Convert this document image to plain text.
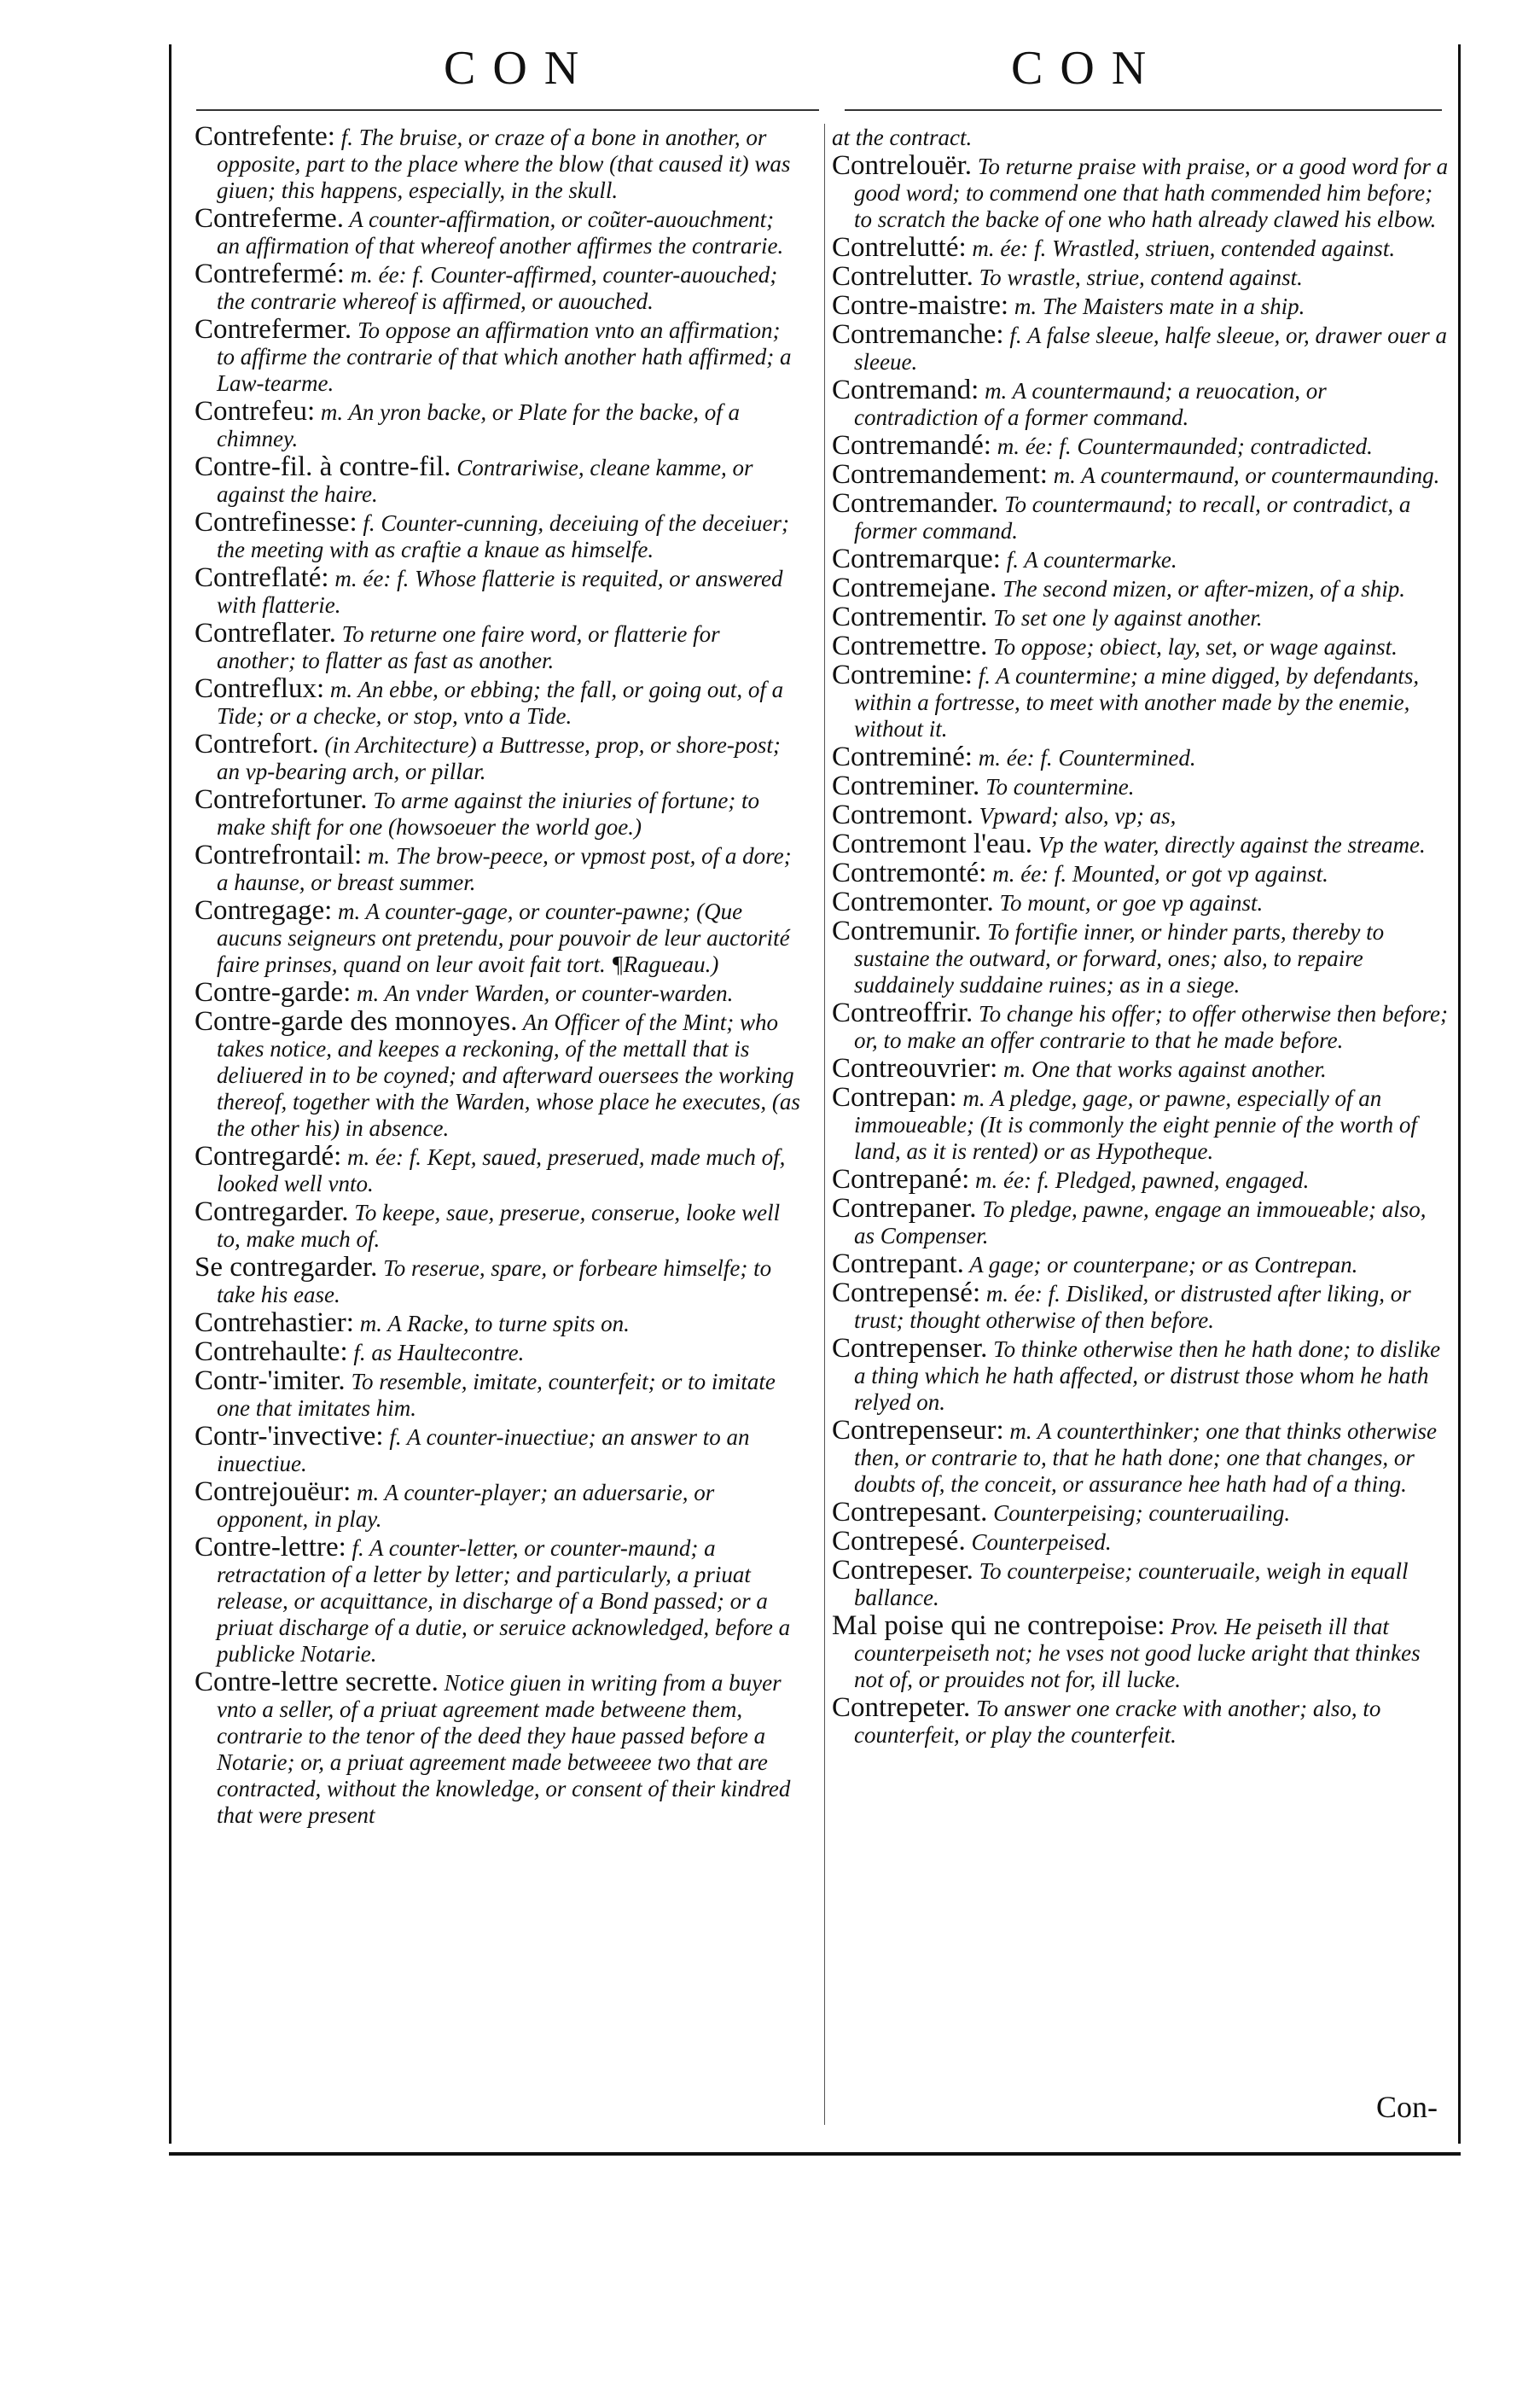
CON	CON
Contrefente: f. The bruise, or craze of a bone in another, or opposite, part to the place where the blow (that caused it) was giuen; this happens, especially, in the skull.
Contreferme. A counter-affirmation, or coũter-auouchment; an affirmation of that whereof another affirmes the contrarie.
Contrefermé: m. ée: f. Counter-affirmed, counter-auouched; the contrarie whereof is affirmed, or auouched.
Contrefermer. To oppose an affirmation vnto an affirmation; to affirme the contrarie of that which another hath affirmed; a Law-tearme.
Contrefeu: m. An yron backe, or Plate for the backe, of a chimney.
Contre-fil. à contre-fil. Contrariwise, cleane kamme, or against the haire.
Contrefinesse: f. Counter-cunning, deceiuing of the deceiuer; the meeting with as craftie a knaue as himselfe.
Contreflaté: m. ée: f. Whose flatterie is requited, or answered with flatterie.
Contreflater. To returne one faire word, or flatterie for another; to flatter as fast as another.
Contreflux: m. An ebbe, or ebbing; the fall, or going out, of a Tide; or a checke, or stop, vnto a Tide.
Contrefort. (in Architecture) a Buttresse, prop, or shore-post; an vp-bearing arch, or pillar.
Contrefortuner. To arme against the iniuries of fortune; to make shift for one (howsoeuer the world goe.)
Contrefrontail: m. The brow-peece, or vpmost post, of a dore; a haunse, or breast summer.
Contregage: m. A counter-gage, or counter-pawne; (Que aucuns seigneurs ont pretendu, pour pouvoir de leur auctorité faire prinses, quand on leur avoit fait tort. ¶Ragueau.)
Contre-garde: m. An vnder Warden, or counter-warden.
Contre-garde des monnoyes. An Officer of the Mint; who takes notice, and keepes a reckoning, of the mettall that is deliuered in to be coyned; and afterward ouersees the working thereof, together with the Warden, whose place he executes, (as the other his) in absence.
Contregardé: m. ée: f. Kept, saued, preserued, made much of, looked well vnto.
Contregarder. To keepe, saue, preserue, conserue, looke well to, make much of.
Se contregarder. To reserue, spare, or forbeare himselfe; to take his ease.
Contrehastier: m. A Racke, to turne spits on.
Contrehaulte: f. as Haultecontre.
Contr-'imiter. To resemble, imitate, counterfeit; or to imitate one that imitates him.
Contr-'invective: f. A counter-inuectiue; an answer to an inuectiue.
Contrejouëur: m. A counter-player; an aduersarie, or opponent, in play.
Contre-lettre: f. A counter-letter, or counter-maund; a retractation of a letter by letter; and particularly, a priuat release, or acquittance, in discharge of a Bond passed; or a priuat discharge of a dutie, or seruice acknowledged, before a publicke Notarie.
Contre-lettre secrette. Notice giuen in writing from a buyer vnto a seller, of a priuat agreement made betweene them, contrarie to the tenor of the deed they haue passed before a Notarie; or, a priuat agreement made betweeee two that are contracted, without the knowledge, or consent of their kindred that were present
at the contract.
Contrelouër. To returne praise with praise, or a good word for a good word; to commend one that hath commended him before; to scratch the backe of one who hath already clawed his elbow.
Contrelutté: m. ée: f. Wrastled, striuen, contended against.
Contrelutter. To wrastle, striue, contend against.
Contre-maistre: m. The Maisters mate in a ship.
Contremanche: f. A false sleeue, halfe sleeue, or, drawer ouer a sleeue.
Contremand: m. A countermaund; a reuocation, or contradiction of a former command.
Contremandé: m. ée: f. Countermaunded; contradicted.
Contremandement: m. A countermaund, or countermaunding.
Contremander. To countermaund; to recall, or contradict, a former command.
Contremarque: f. A countermarke.
Contremejane. The second mizen, or after-mizen, of a ship.
Contrementir. To set one ly against another.
Contremettre. To oppose; obiect, lay, set, or wage against.
Contremine: f. A countermine; a mine digged, by defendants, within a fortresse, to meet with another made by the enemie, without it.
Contreminé: m. ée: f. Countermined.
Contreminer. To countermine.
Contremont. Vpward; also, vp; as,
Contremont l'eau. Vp the water, directly against the streame.
Contremonté: m. ée: f. Mounted, or got vp against.
Contremonter. To mount, or goe vp against.
Contremunir. To fortifie inner, or hinder parts, thereby to sustaine the outward, or forward, ones; also, to repaire suddainely suddaine ruines; as in a siege.
Contreoffrir. To change his offer; to offer otherwise then before; or, to make an offer contrarie to that he made before.
Contreouvrier: m. One that works against another.
Contrepan: m. A pledge, gage, or pawne, especially of an immoueable; (It is commonly the eight pennie of the worth of land, as it is rented) or as Hypotheque.
Contrepané: m. ée: f. Pledged, pawned, engaged.
Contrepaner. To pledge, pawne, engage an immoueable; also, as Compenser.
Contrepant. A gage; or counterpane; or as Contrepan.
Contrepensé: m. ée: f. Disliked, or distrusted after liking, or trust; thought otherwise of then before.
Contrepenser. To thinke otherwise then he hath done; to dislike a thing which he hath affected, or distrust those whom he hath relyed on.
Contrepenseur: m. A counterthinker; one that thinks otherwise then, or contrarie to, that he hath done; one that changes, or doubts of, the conceit, or assurance hee hath had of a thing.
Contrepesant. Counterpeising; counteruailing.
Contrepesé. Counterpeised.
Contrepeser. To counterpeise; counteruaile, weigh in equall ballance.
Mal poise qui ne contrepoise: Prov. He peiseth ill that counterpeiseth not; he vses not good lucke aright that thinkes not of, or prouides not for, ill lucke.
Contrepeter. To answer one cracke with another; also, to counterfeit, or play the counterfeit.
Con-
